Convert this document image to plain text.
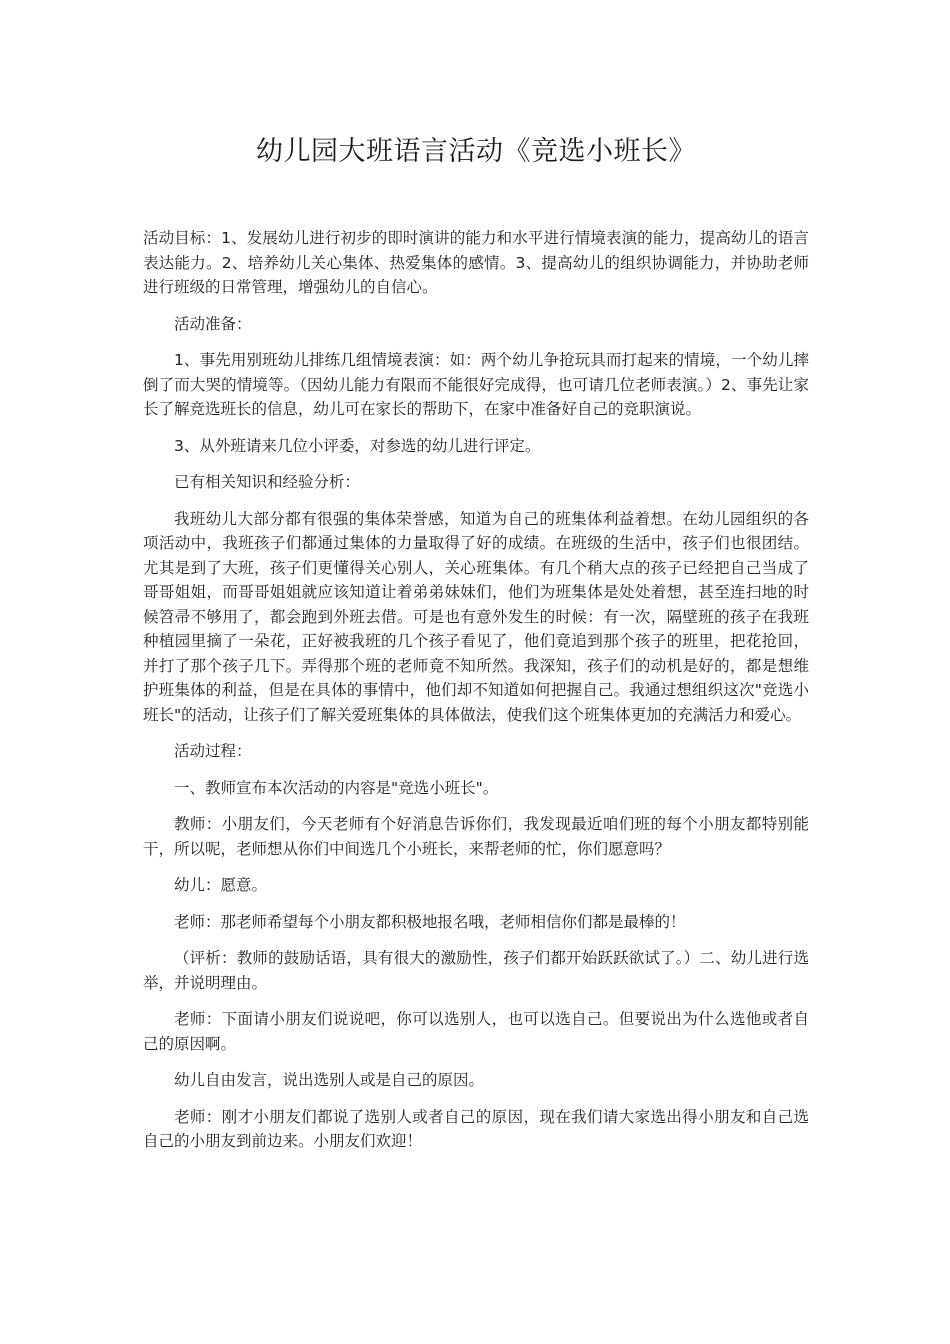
幼儿园大班语言活动《竞选小班长》

活动目标：1、发展幼儿进行初步的即时演讲的能力和水平进行情境表演的能力，提高幼儿的语言表达能力。2、培养幼儿关心集体、热爱集体的感情。3、提高幼儿的组织协调能力，并协助老师进行班级的日常管理，增强幼儿的自信心。

活动准备：

1、事先用别班幼儿排练几组情境表演：如：两个幼儿争抢玩具而打起来的情境，一个幼儿摔倒了而大哭的情境等。（因幼儿能力有限而不能很好完成得，也可请几位老师表演。）2、事先让家长了解竞选班长的信息，幼儿可在家长的帮助下，在家中准备好自己的竞职演说。

3、从外班请来几位小评委，对参选的幼儿进行评定。

已有相关知识和经验分析：

我班幼儿大部分都有很强的集体荣誉感，知道为自己的班集体利益着想。在幼儿园组织的各项活动中，我班孩子们都通过集体的力量取得了好的成绩。在班级的生活中，孩子们也很团结。尤其是到了大班，孩子们更懂得关心别人，关心班集体。有几个稍大点的孩子已经把自己当成了哥哥姐姐，而哥哥姐姐就应该知道让着弟弟妹妹们，他们为班集体是处处着想，甚至连扫地的时候笤帚不够用了，都会跑到外班去借。可是也有意外发生的时候：有一次，隔壁班的孩子在我班种植园里摘了一朵花，正好被我班的几个孩子看见了，他们竟追到那个孩子的班里，把花抢回，并打了那个孩子几下。弄得那个班的老师竟不知所然。我深知，孩子们的动机是好的，都是想维护班集体的利益，但是在具体的事情中，他们却不知道如何把握自己。我通过想组织这次"竞选小班长"的活动，让孩子们了解关爱班集体的具体做法，使我们这个班集体更加的充满活力和爱心。

活动过程：

一、教师宣布本次活动的内容是"竞选小班长"。

教师：小朋友们，今天老师有个好消息告诉你们，我发现最近咱们班的每个小朋友都特别能干，所以呢，老师想从你们中间选几个小班长，来帮老师的忙，你们愿意吗？

幼儿：愿意。

老师：那老师希望每个小朋友都积极地报名哦，老师相信你们都是最棒的！

（评析：教师的鼓励话语，具有很大的激励性，孩子们都开始跃跃欲试了。）二、幼儿进行选举，并说明理由。

老师：下面请小朋友们说说吧，你可以选别人，也可以选自己。但要说出为什么选他或者自己的原因啊。

幼儿自由发言，说出选别人或是自己的原因。

老师：刚才小朋友们都说了选别人或者自己的原因，现在我们请大家选出得小朋友和自己选自己的小朋友到前边来。小朋友们欢迎！
